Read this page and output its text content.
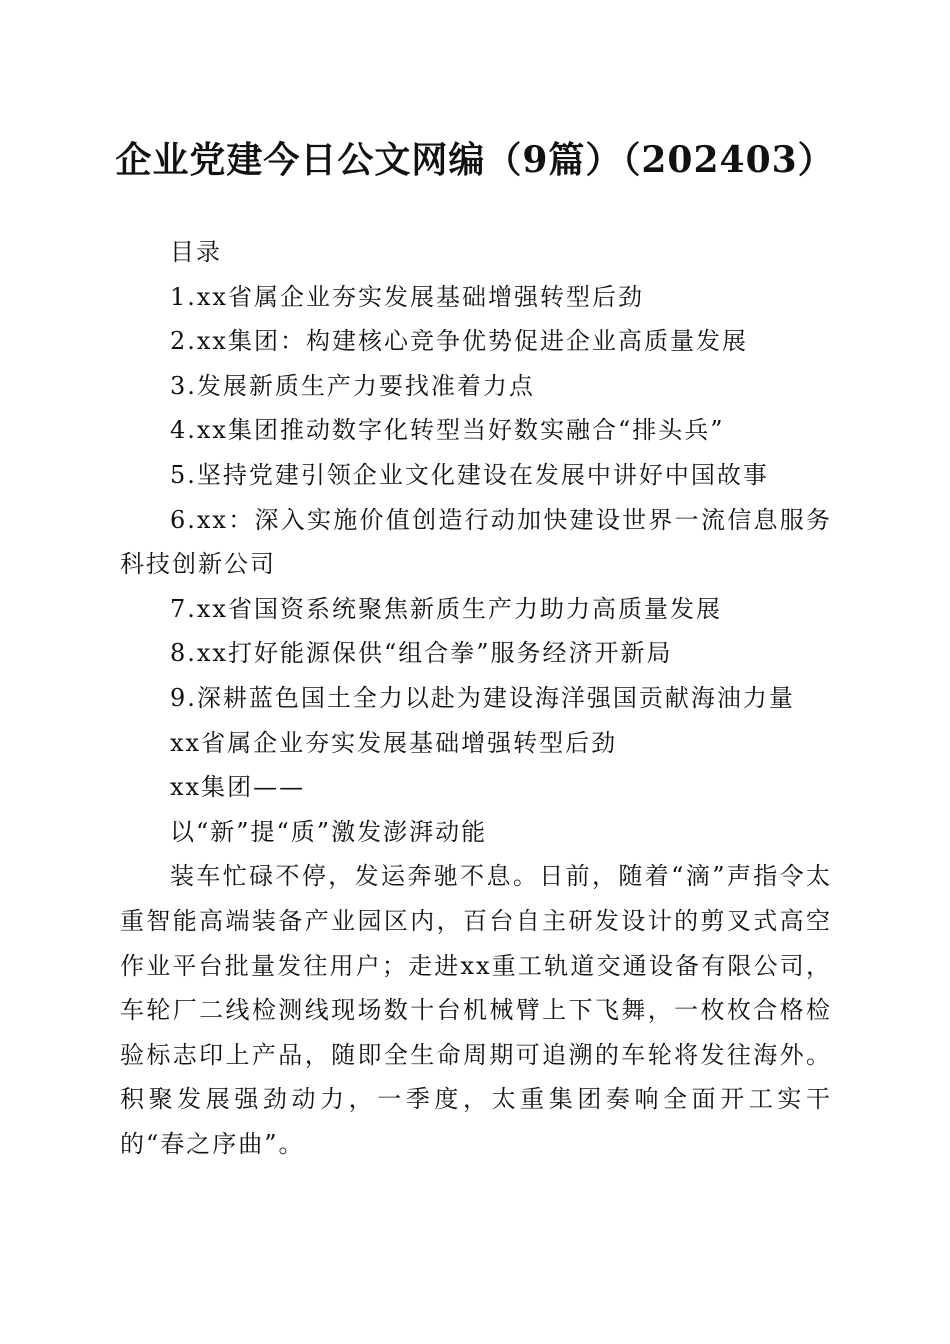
企业党建今日公文网编（9篇）（202403）

目录

1.xx省属企业夯实发展基础增强转型后劲

2.xx集团：构建核心竞争优势促进企业高质量发展

3.发展新质生产力要找准着力点

4.xx集团推动数字化转型当好数实融合“排头兵”

5.坚持党建引领企业文化建设在发展中讲好中国故事

6.xx：深入实施价值创造行动加快建设世界一流信息服务科技创新公司

7.xx省国资系统聚焦新质生产力助力高质量发展

8.xx打好能源保供“组合拳”服务经济开新局

9.深耕蓝色国土全力以赴为建设海洋强国贡献海油力量

xx省属企业夯实发展基础增强转型后劲

xx集团——

以“新”提“质”激发澎湃动能

装车忙碌不停，发运奔驰不息。日前，随着“滴”声指令太重智能高端装备产业园区内，百台自主研发设计的剪叉式高空作业平台批量发往用户；走进xx重工轨道交通设备有限公司，车轮厂二线检测线现场数十台机械臂上下飞舞，一枚枚合格检验标志印上产品，随即全生命周期可追溯的车轮将发往海外。积聚发展强劲动力，一季度，太重集团奏响全面开工实干的“春之序曲”。
